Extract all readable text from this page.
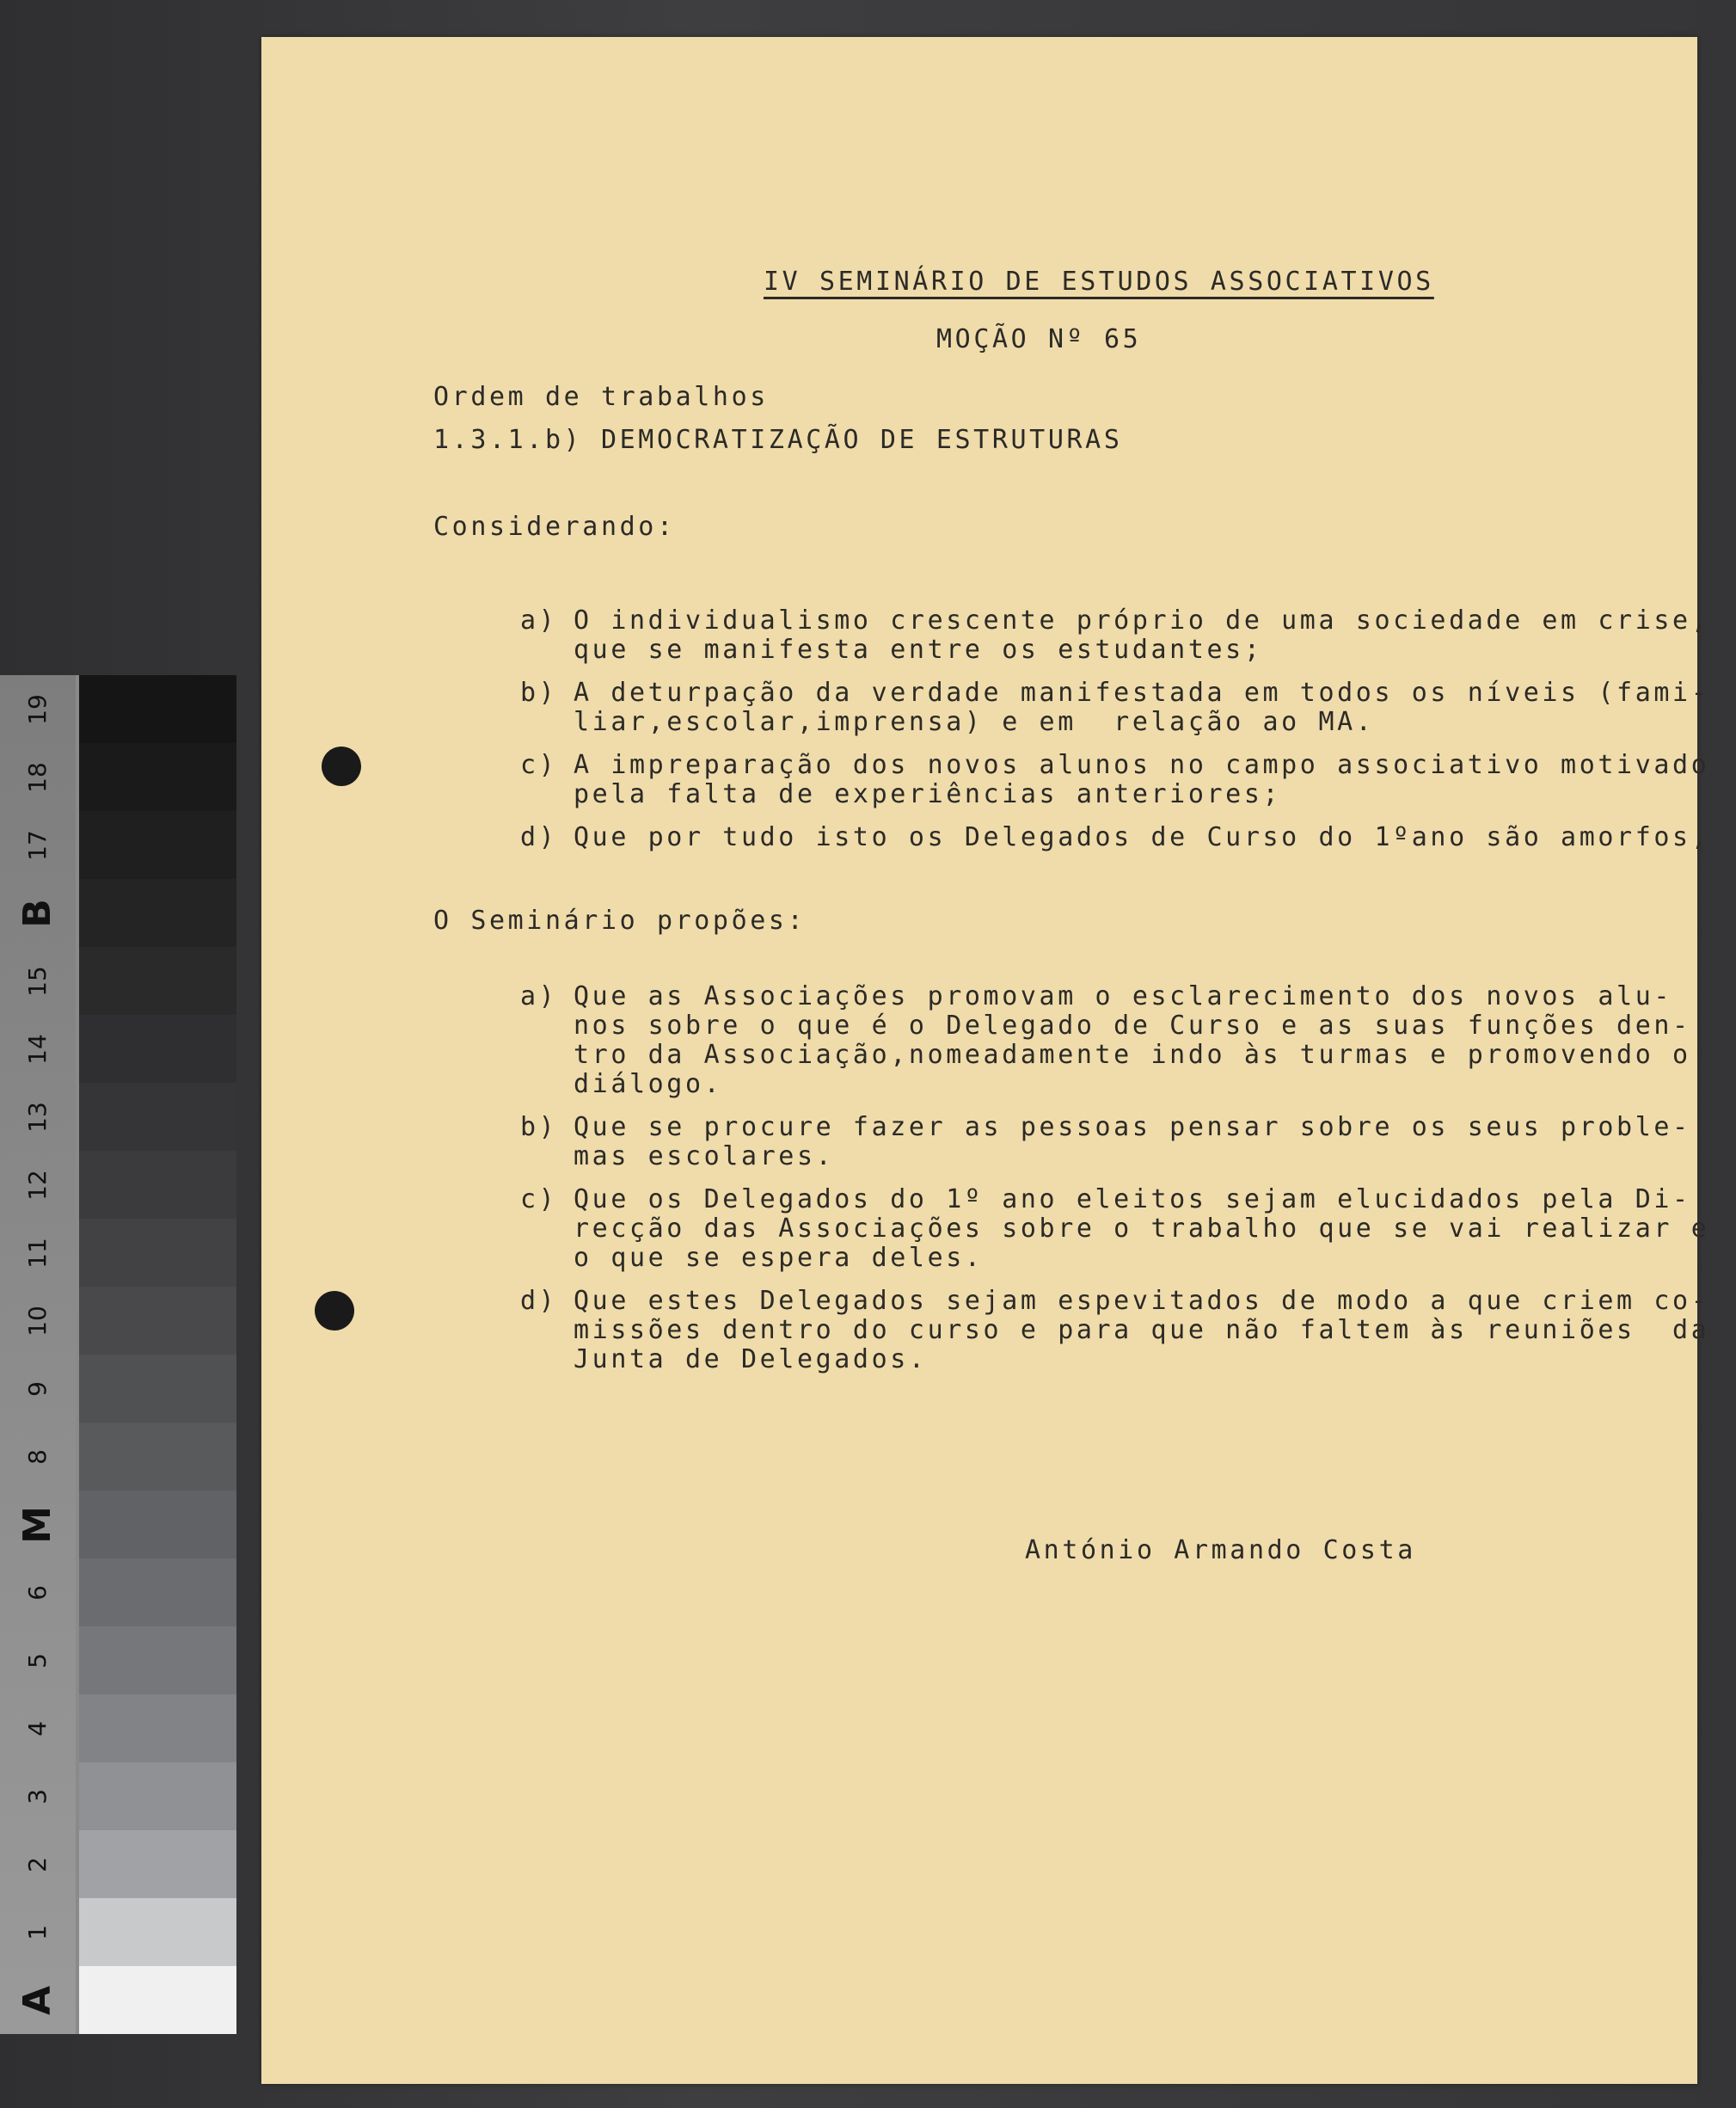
19
18
17
B
15
14
13
12
11
10
9
8
M
6
5
4
3
2
1
A
IV SEMINÁRIO DE ESTUDOS ASSOCIATIVOS
MOÇÃO Nº 65
Ordem de trabalhos
1.3.1.b) DEMOCRATIZAÇÃO DE ESTRUTURAS
Considerando:
a) O individualismo crescente próprio de uma sociedade em crise,
que se manifesta entre os estudantes;
b) A deturpação da verdade manifestada em todos os níveis (fami-
liar,escolar,imprensa) e em  relação ao MA.
c) A impreparação dos novos alunos no campo associativo motivado
pela falta de experiências anteriores;
d) Que por tudo isto os Delegados de Curso do 1ºano são amorfos,
O Seminário propões:
a) Que as Associações promovam o esclarecimento dos novos alu-
nos sobre o que é o Delegado de Curso e as suas funções den-
tro da Associação,nomeadamente indo às turmas e promovendo o
diálogo.
b) Que se procure fazer as pessoas pensar sobre os seus proble-
mas escolares.
c) Que os Delegados do 1º ano eleitos sejam elucidados pela Di-
recção das Associações sobre o trabalho que se vai realizar e
o que se espera deles.
d) Que estes Delegados sejam espevitados de modo a que criem co-
missões dentro do curso e para que não faltem às reuniões  da
Junta de Delegados.
António Armando Costa
